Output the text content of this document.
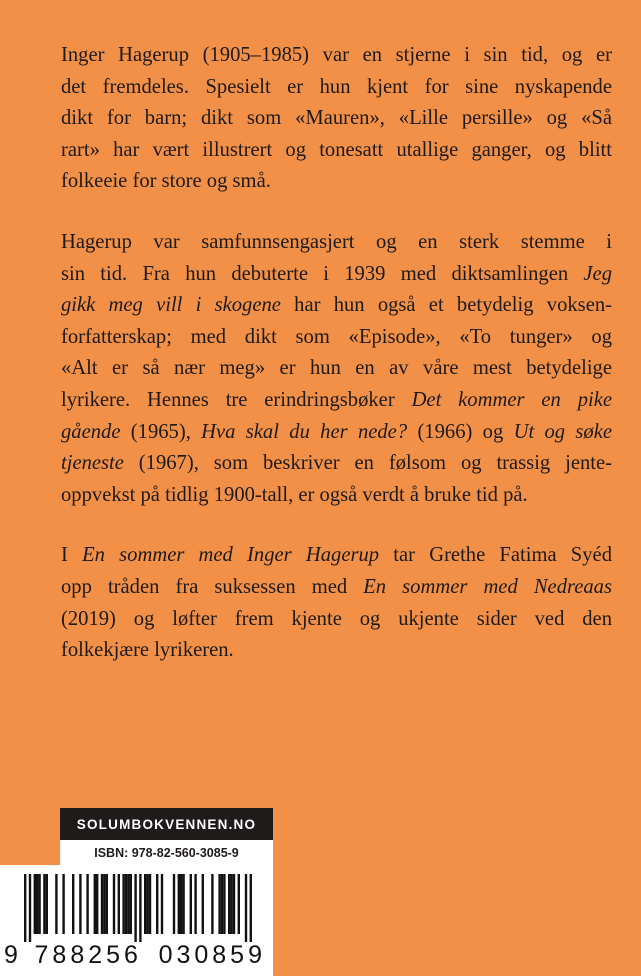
Inger Hagerup (1905–1985) var en stjerne i sin tid, og er
det fremdeles. Spesielt er hun kjent for sine nyskapende
dikt for barn; dikt som «Mauren», «Lille persille» og «Så
rart» har vært illustrert og tonesatt utallige ganger, og blitt
folkeeie for store og små.
Hagerup var samfunnsengasjert og en sterk stemme i
sin tid. Fra hun debuterte i 1939 med diktsamlingen Jeg
gikk meg vill i skogene har hun også et betydelig voksen-
forfatterskap; med dikt som «Episode», «To tunger» og
«Alt er så nær meg» er hun en av våre mest betydelige
lyrikere. Hennes tre erindringsbøker Det kommer en pike
gående (1965), Hva skal du her nede? (1966) og Ut og søke
tjeneste (1967), som beskriver en følsom og trassig jente-
oppvekst på tidlig 1900-tall, er også verdt å bruke tid på.
I En sommer med Inger Hagerup tar Grethe Fatima Syéd
opp tråden fra suksessen med En sommer med Nedreaas
(2019) og løfter frem kjente og ukjente sider ved den
folkekjære lyrikeren.
SOLUMBOKVENNEN.NO
ISBN: 978-82-560-3085-9
9 788256 030859
